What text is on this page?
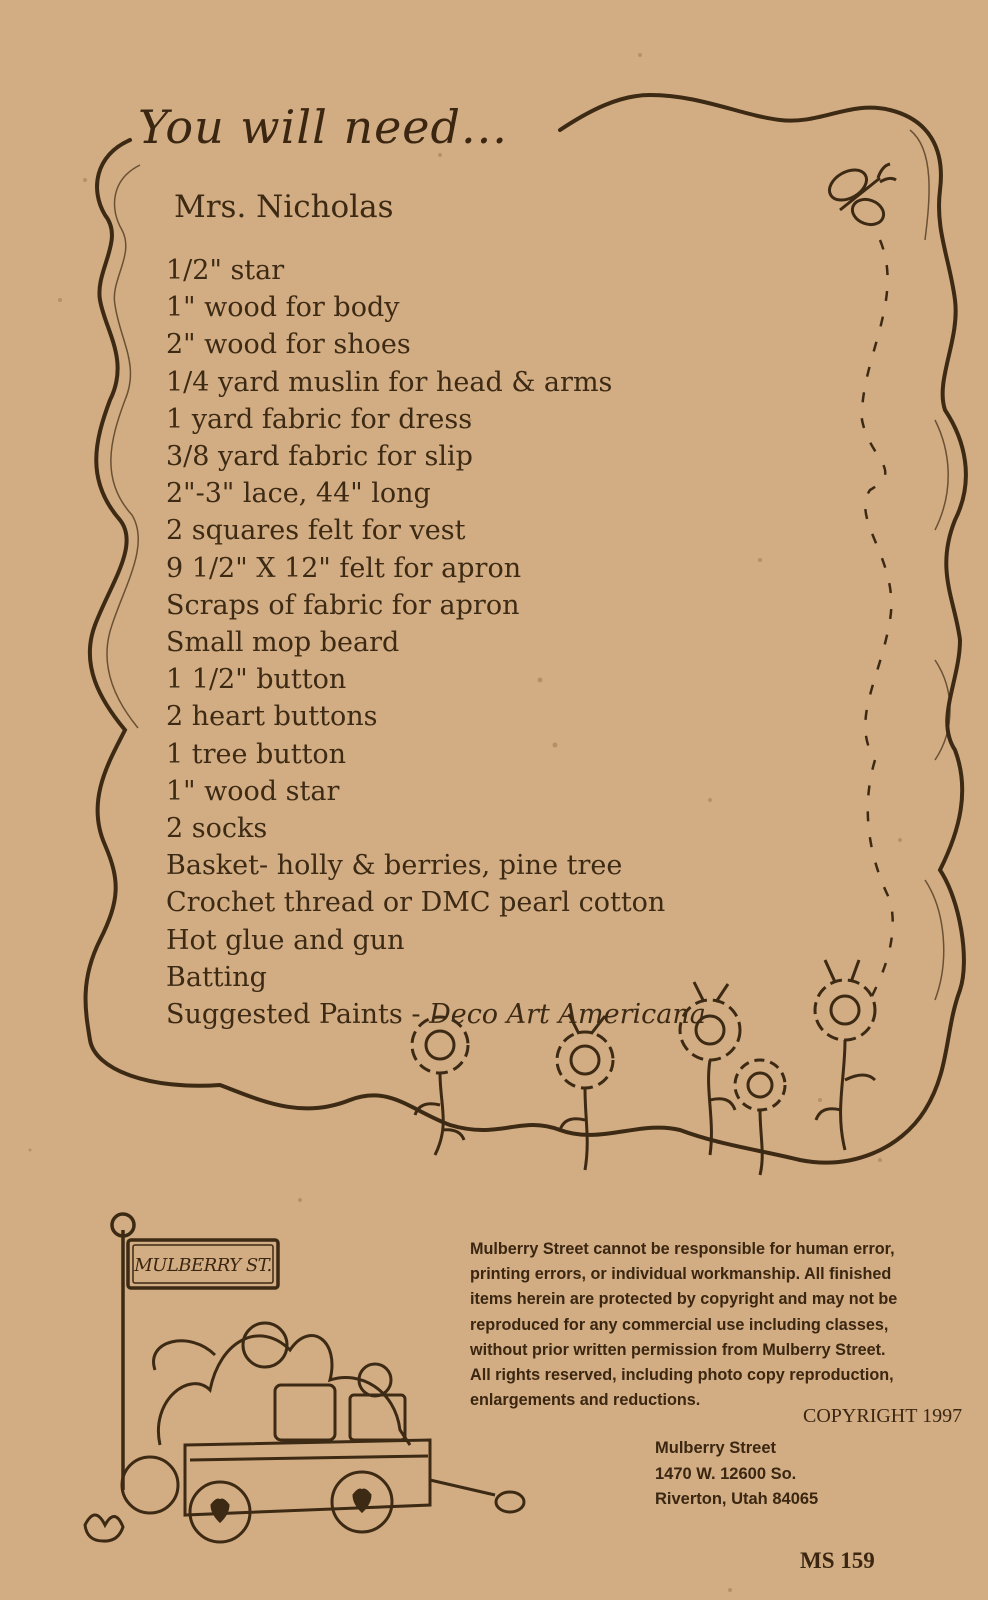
You will need...
Mrs. Nicholas
1/2" star
1" wood for body
2" wood for shoes
1/4 yard muslin for head & arms
1 yard fabric for dress
3/8 yard fabric for slip
2"-3" lace, 44" long
2 squares felt for vest
9 1/2" X 12" felt for apron
Scraps of fabric for apron
Small mop beard
1 1/2" button
2 heart buttons
1 tree button
1" wood star
2 socks
Basket- holly & berries, pine tree
Crochet thread or DMC pearl cotton
Hot glue and gun
Batting
Suggested Paints - Deco Art Americana
MULBERRY ST.
Mulberry Street cannot be responsible for human error,
printing errors, or individual workmanship. All finished
items herein are protected by copyright and may not be
reproduced for any commercial use including classes,
without prior written permission from Mulberry Street.
All rights reserved, including photo copy reproduction,
enlargements and reductions.
COPYRIGHT 1997
Mulberry Street
1470 W. 12600 So.
Riverton, Utah 84065
MS 159
